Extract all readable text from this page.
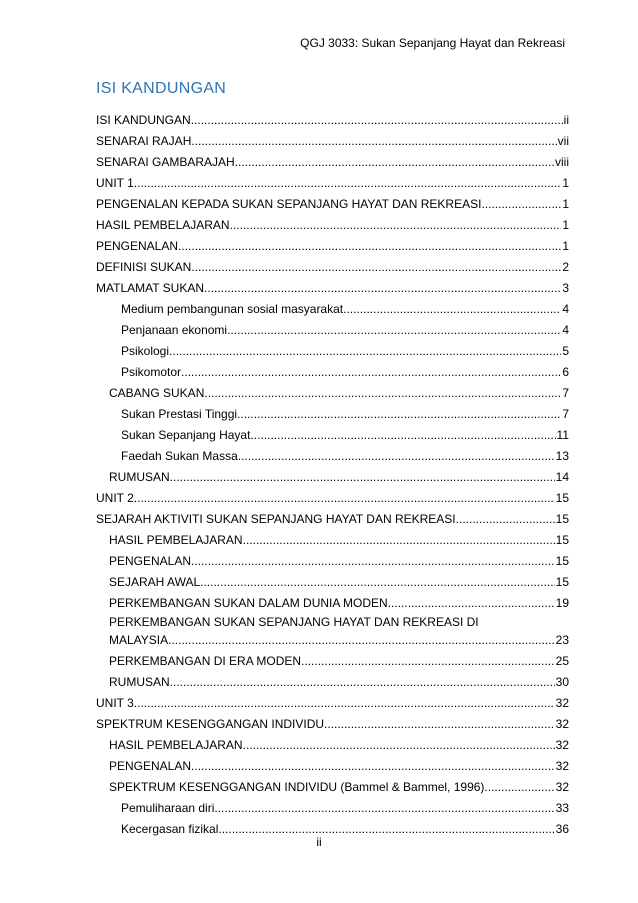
QGJ 3033: Sukan Sepanjang Hayat dan Rekreasi
ISI KANDUNGAN
ISI KANDUNGAN .....	ii
SENARAI RAJAH .....	vii
SENARAI GAMBARAJAH .....	viii
UNIT 1 .....	1
PENGENALAN KEPADA SUKAN SEPANJANG HAYAT DAN REKREASI .....	1
HASIL PEMBELAJARAN .....	1
PENGENALAN .....	1
DEFINISI SUKAN .....	2
MATLAMAT SUKAN .....	3
Medium pembangunan sosial masyarakat .....	4
Penjanaan ekonomi .....	4
Psikologi .....	5
Psikomotor .....	6
CABANG SUKAN .....	7
Sukan Prestasi Tinggi .....	7
Sukan Sepanjang Hayat .....	11
Faedah Sukan Massa .....	13
RUMUSAN .....	14
UNIT 2 .....	15
SEJARAH AKTIVITI SUKAN SEPANJANG HAYAT DAN REKREASI .....	15
HASIL PEMBELAJARAN .....	15
PENGENALAN .....	15
SEJARAH AWAL .....	15
PERKEMBANGAN SUKAN DALAM DUNIA MODEN .....	19
PERKEMBANGAN SUKAN SEPANJANG HAYAT DAN REKREASI DI
MALAYSIA .....	23
PERKEMBANGAN DI ERA MODEN .....	25
RUMUSAN .....	30
UNIT 3 .....	32
SPEKTRUM KESENGGANGAN INDIVIDU .....	32
HASIL PEMBELAJARAN .....	32
PENGENALAN .....	32
SPEKTRUM KESENGGANGAN INDIVIDU (Bammel & Bammel, 1996) .....	32
Pemuliharaan diri .....	33
Kecergasan fizikal .....	36
ii
